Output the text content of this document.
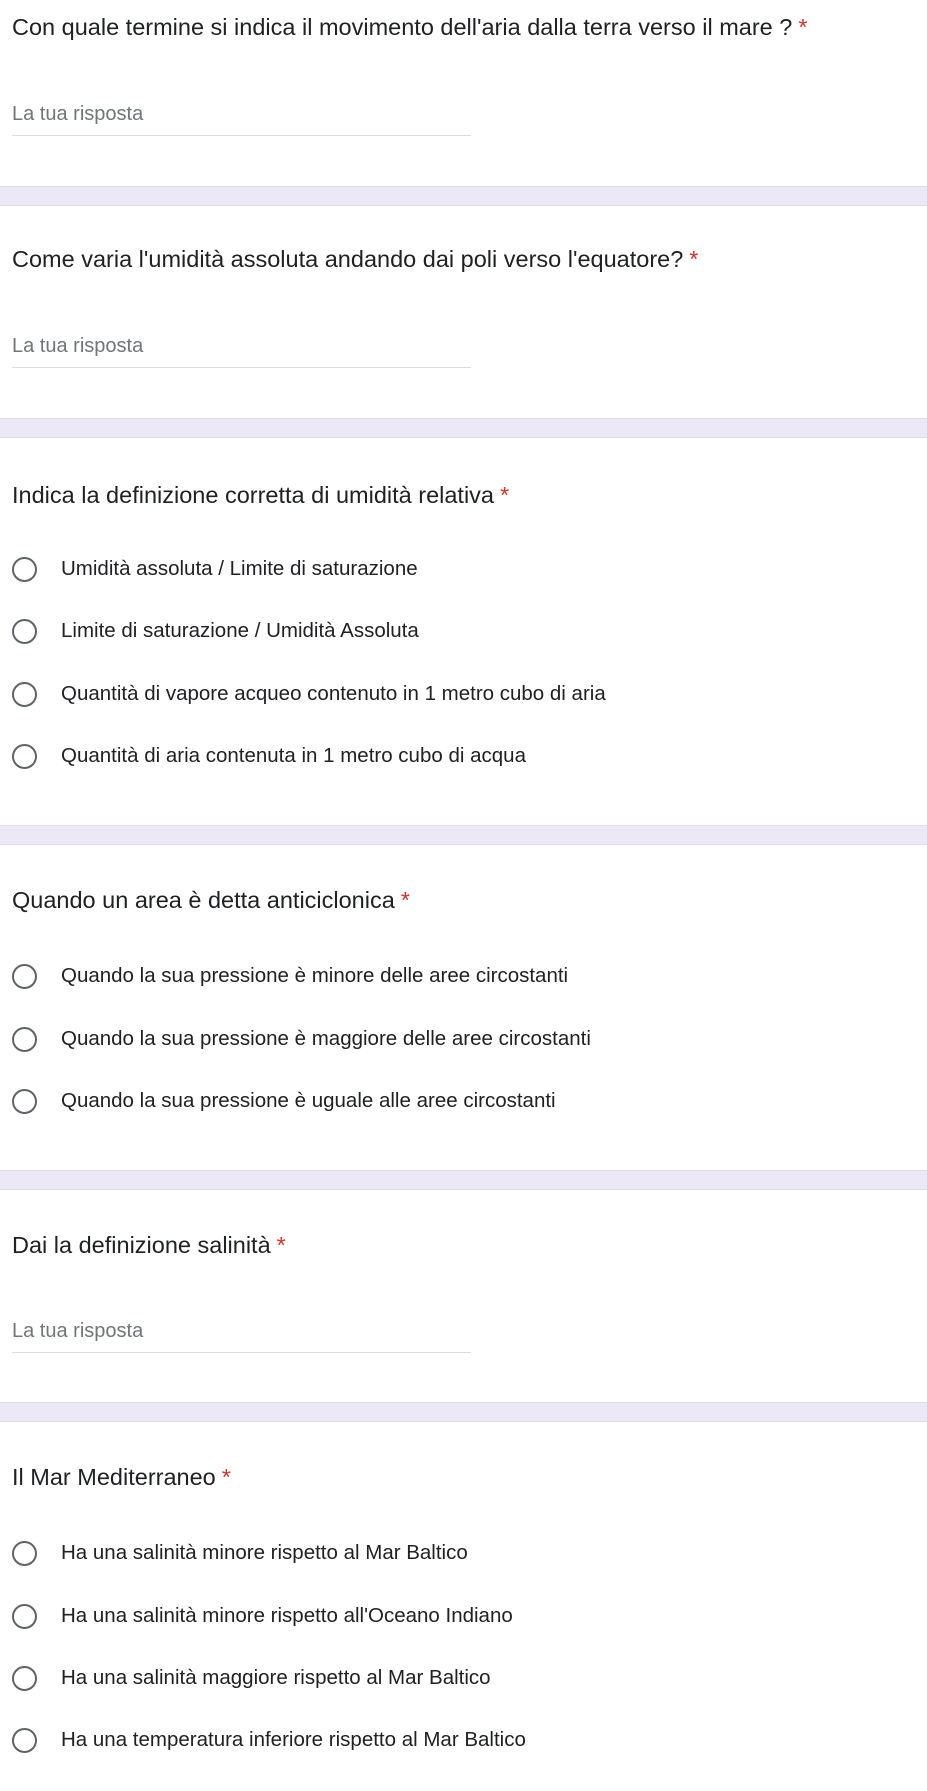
Con quale termine si indica il movimento dell'aria dalla terra verso il mare ? *
La tua risposta
Come varia l'umidità assoluta andando dai poli verso l'equatore? *
La tua risposta
Indica la definizione corretta di umidità relativa *
Umidità assoluta / Limite di saturazione
Limite di saturazione / Umidità Assoluta
Quantità di vapore acqueo contenuto in 1 metro cubo di aria
Quantità di aria contenuta in 1 metro cubo di acqua
Quando un area è detta anticiclonica *
Quando la sua pressione è minore delle aree circostanti
Quando la sua pressione è maggiore delle aree circostanti
Quando la sua pressione è uguale alle aree circostanti
Dai la definizione salinità *
La tua risposta
Il Mar Mediterraneo *
Ha una salinità minore rispetto al Mar Baltico
Ha una salinità minore rispetto all'Oceano Indiano
Ha una salinità maggiore rispetto al Mar Baltico
Ha una temperatura inferiore rispetto al Mar Baltico
